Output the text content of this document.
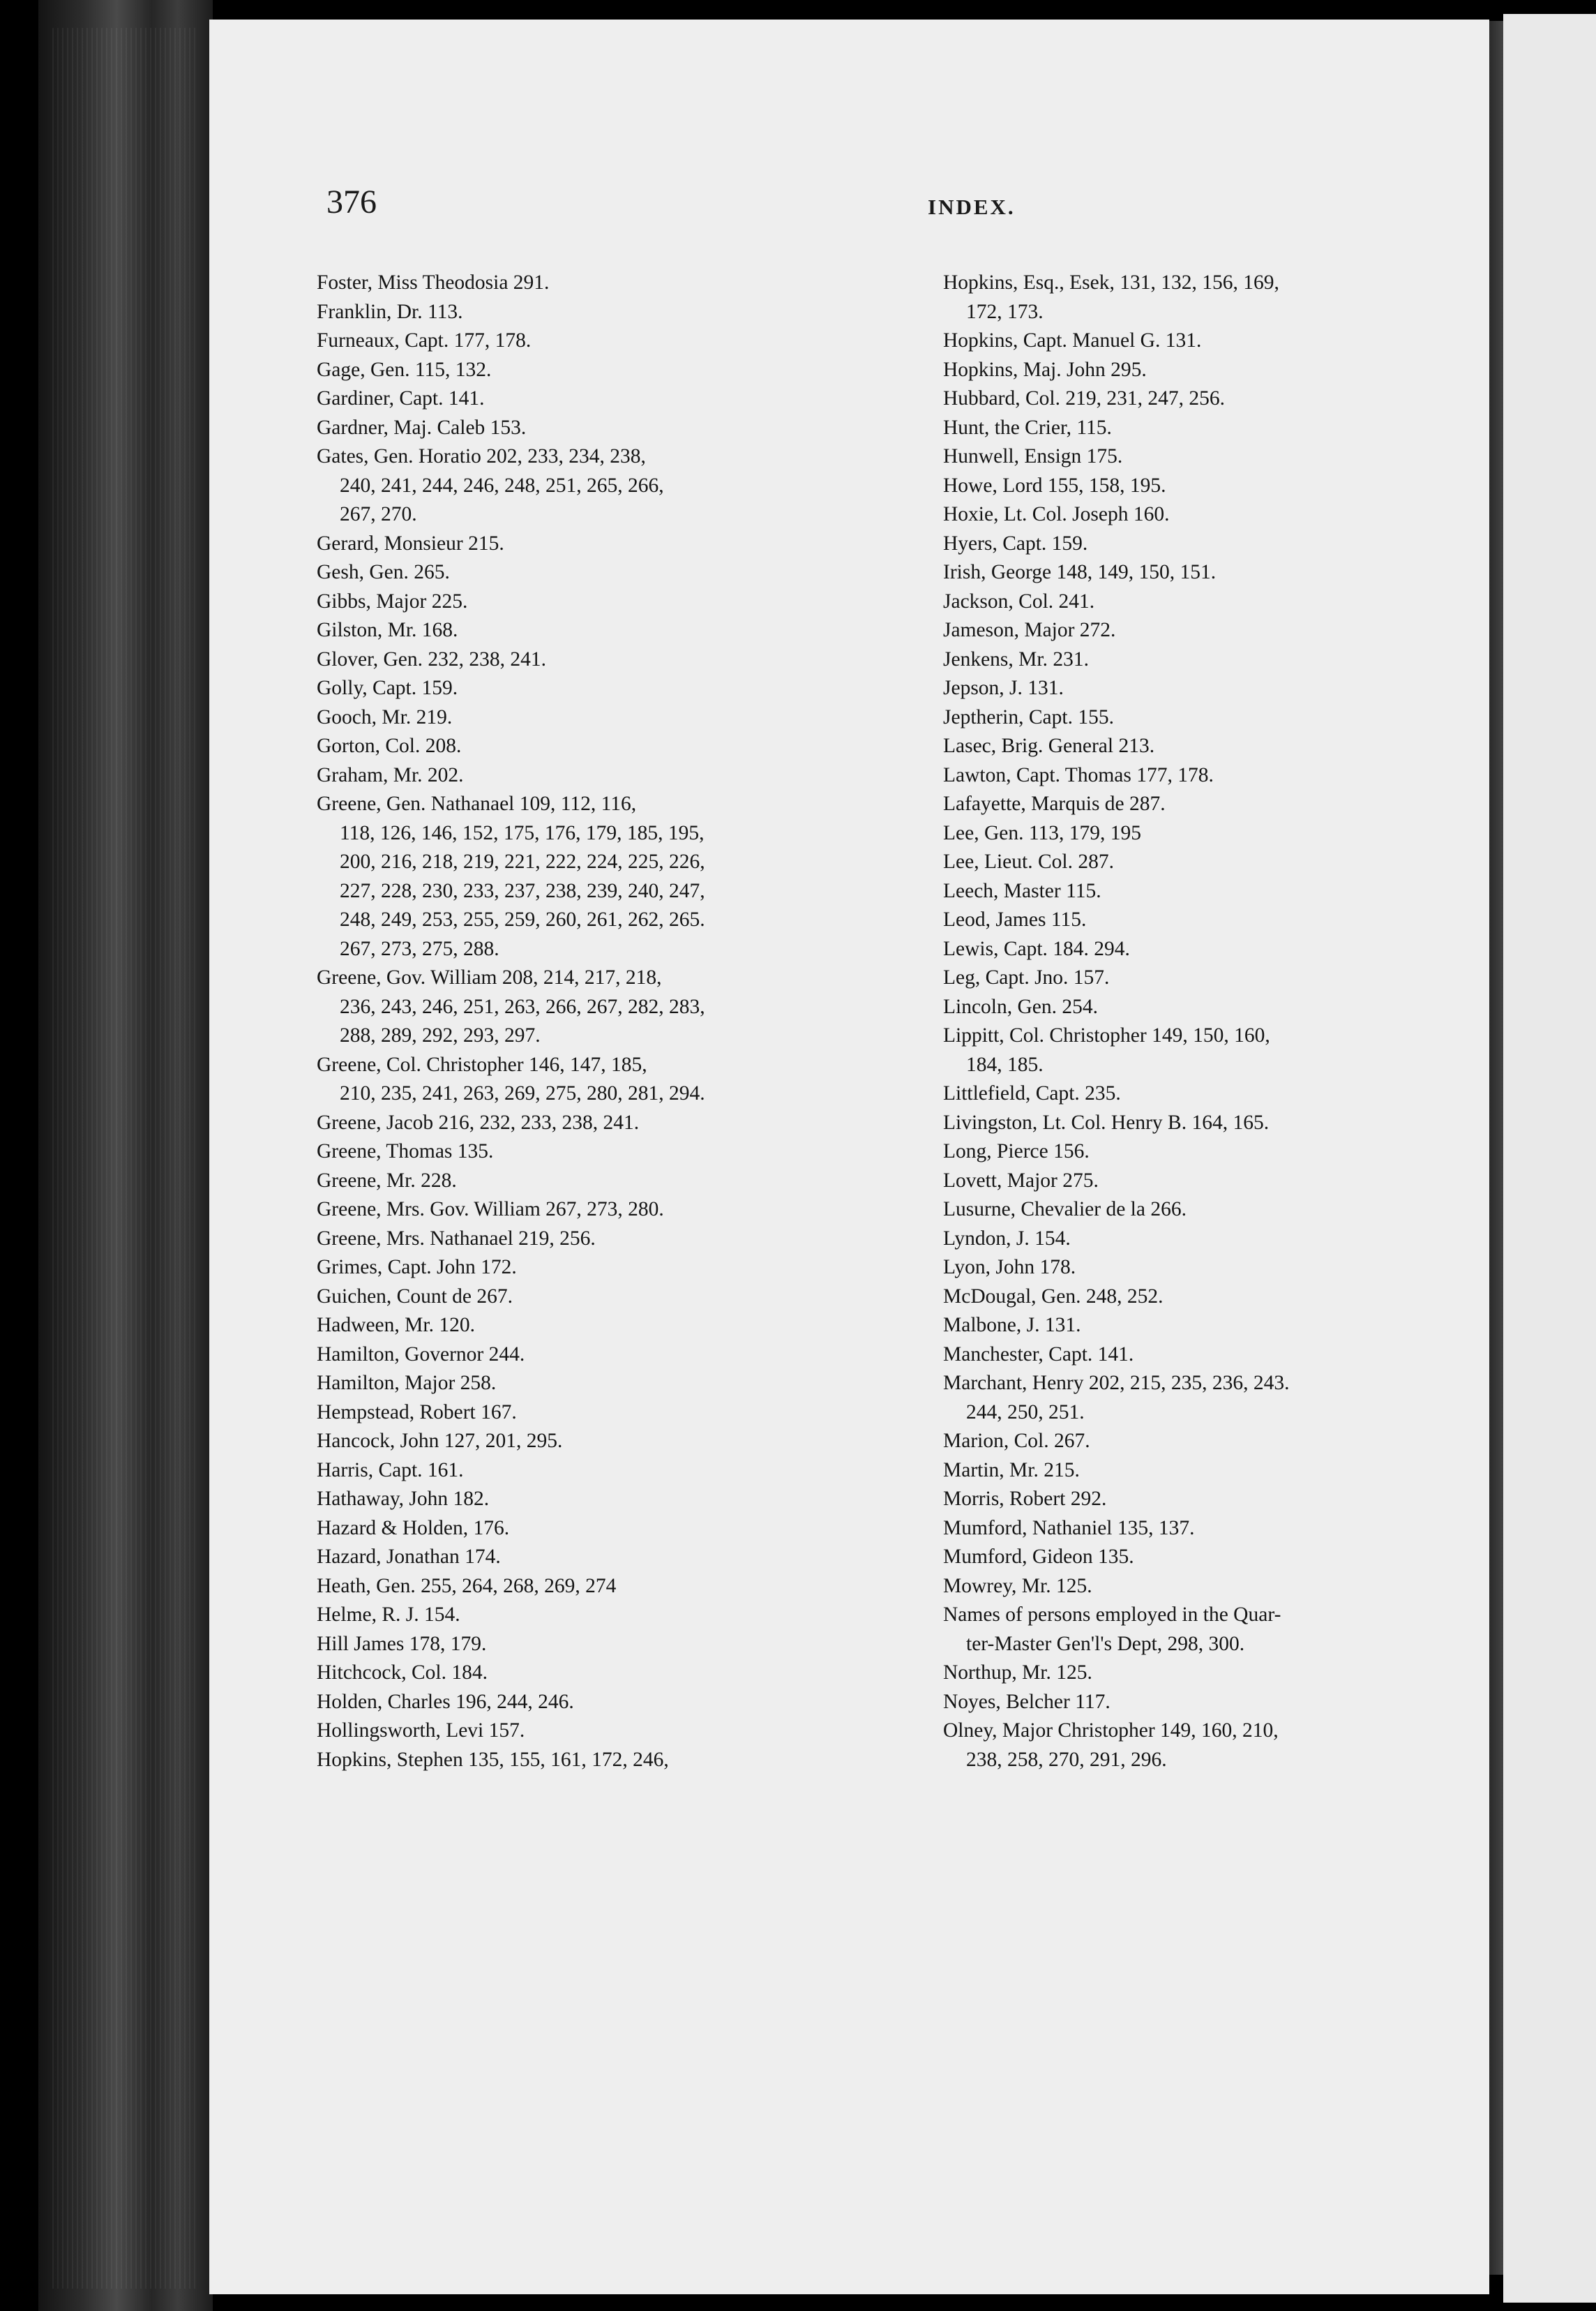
376	INDEX.
Foster, Miss Theodosia 291.
Franklin, Dr. 113.
Furneaux, Capt. 177, 178.
Gage, Gen. 115, 132.
Gardiner, Capt. 141.
Gardner, Maj. Caleb 153.
Gates, Gen. Horatio 202, 233, 234, 238,
240, 241, 244, 246, 248, 251, 265, 266,
267, 270.
Gerard, Monsieur 215.
Gesh, Gen. 265.
Gibbs, Major 225.
Gilston, Mr. 168.
Glover, Gen. 232, 238, 241.
Golly, Capt. 159.
Gooch, Mr. 219.
Gorton, Col. 208.
Graham, Mr. 202.
Greene, Gen. Nathanael 109, 112, 116,
118, 126, 146, 152, 175, 176, 179, 185, 195,
200, 216, 218, 219, 221, 222, 224, 225, 226,
227, 228, 230, 233, 237, 238, 239, 240, 247,
248, 249, 253, 255, 259, 260, 261, 262, 265.
267, 273, 275, 288.
Greene, Gov. William 208, 214, 217, 218,
236, 243, 246, 251, 263, 266, 267, 282, 283,
288, 289, 292, 293, 297.
Greene, Col. Christopher 146, 147, 185,
210, 235, 241, 263, 269, 275, 280, 281, 294.
Greene, Jacob 216, 232, 233, 238, 241.
Greene, Thomas 135.
Greene, Mr. 228.
Greene, Mrs. Gov. William 267, 273, 280.
Greene, Mrs. Nathanael 219, 256.
Grimes, Capt. John 172.
Guichen, Count de 267.
Hadween, Mr. 120.
Hamilton, Governor 244.
Hamilton, Major 258.
Hempstead, Robert 167.
Hancock, John 127, 201, 295.
Harris, Capt. 161.
Hathaway, John 182.
Hazard & Holden, 176.
Hazard, Jonathan 174.
Heath, Gen. 255, 264, 268, 269, 274
Helme, R. J. 154.
Hill James 178, 179.
Hitchcock, Col. 184.
Holden, Charles 196, 244, 246.
Hollingsworth, Levi 157.
Hopkins, Stephen 135, 155, 161, 172, 246,
Hopkins, Esq., Esek, 131, 132, 156, 169,
172, 173.
Hopkins, Capt. Manuel G. 131.
Hopkins, Maj. John 295.
Hubbard, Col. 219, 231, 247, 256.
Hunt, the Crier, 115.
Hunwell, Ensign 175.
Howe, Lord 155, 158, 195.
Hoxie, Lt. Col. Joseph 160.
Hyers, Capt. 159.
Irish, George 148, 149, 150, 151.
Jackson, Col. 241.
Jameson, Major 272.
Jenkens, Mr. 231.
Jepson, J. 131.
Jeptherin, Capt. 155.
Lasec, Brig. General 213.
Lawton, Capt. Thomas 177, 178.
Lafayette, Marquis de 287.
Lee, Gen. 113, 179, 195
Lee, Lieut. Col. 287.
Leech, Master 115.
Leod, James 115.
Lewis, Capt. 184. 294.
Leg, Capt. Jno. 157.
Lincoln, Gen. 254.
Lippitt, Col. Christopher 149, 150, 160,
184, 185.
Littlefield, Capt. 235.
Livingston, Lt. Col. Henry B. 164, 165.
Long, Pierce 156.
Lovett, Major 275.
Lusurne, Chevalier de la 266.
Lyndon, J. 154.
Lyon, John 178.
McDougal, Gen. 248, 252.
Malbone, J. 131.
Manchester, Capt. 141.
Marchant, Henry 202, 215, 235, 236, 243.
244, 250, 251.
Marion, Col. 267.
Martin, Mr. 215.
Morris, Robert 292.
Mumford, Nathaniel 135, 137.
Mumford, Gideon 135.
Mowrey, Mr. 125.
Names of persons employed in the Quar-
ter-Master Gen'l's Dept, 298, 300.
Northup, Mr. 125.
Noyes, Belcher 117.
Olney, Major Christopher 149, 160, 210,
238, 258, 270, 291, 296.
